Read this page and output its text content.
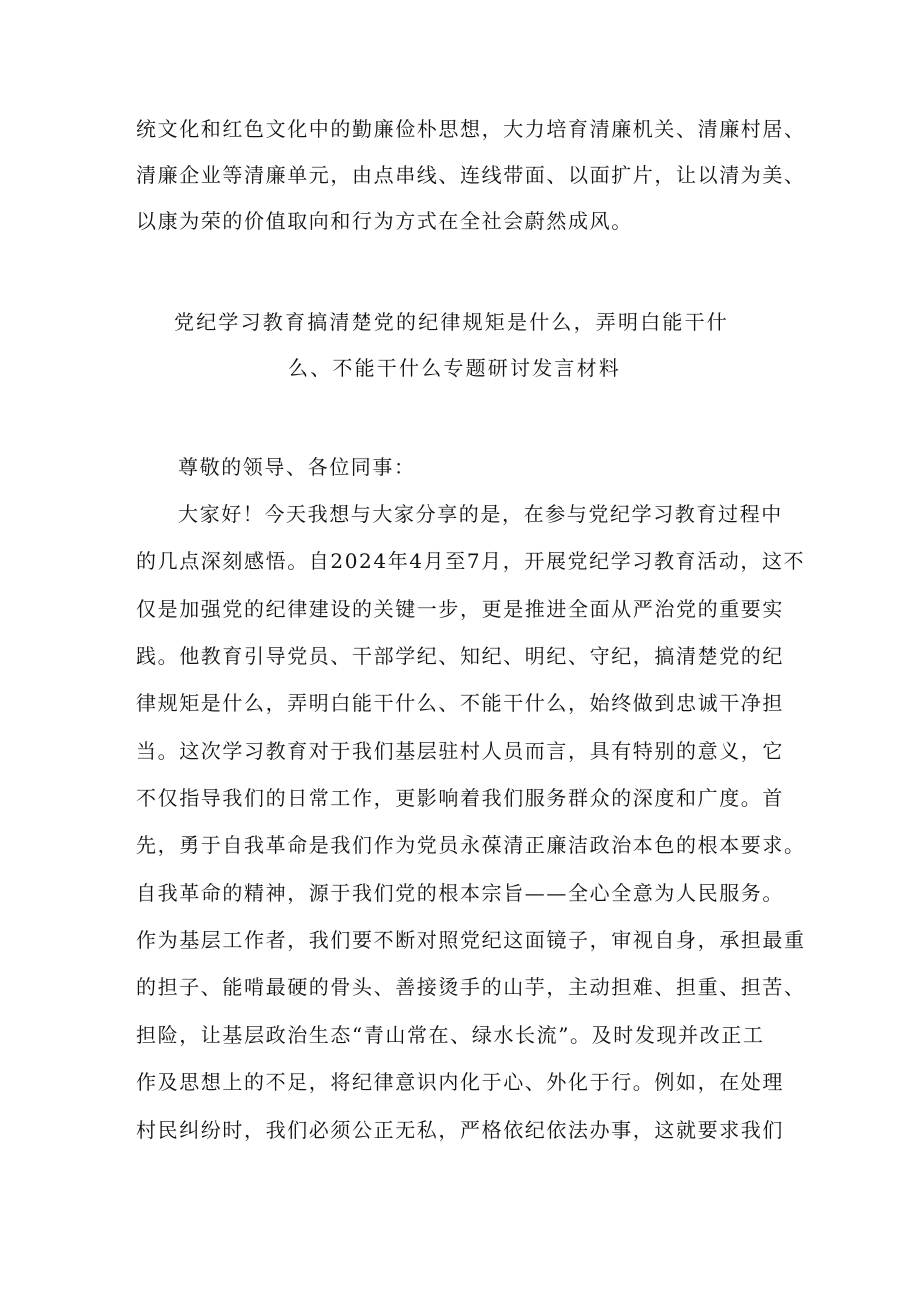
统文化和红色文化中的勤廉俭朴思想，大力培育清廉机关、清廉村居、
清廉企业等清廉单元，由点串线、连线带面、以面扩片，让以清为美、
以康为荣的价值取向和行为方式在全社会蔚然成风。
党纪学习教育搞清楚党的纪律规矩是什么，弄明白能干什
么、不能干什么专题研讨发言材料
尊敬的领导、各位同事：
大家好！今天我想与大家分享的是，在参与党纪学习教育过程中
的几点深刻感悟。自2024年4月至7月，开展党纪学习教育活动，这不
仅是加强党的纪律建设的关键一步，更是推进全面从严治党的重要实
践。他教育引导党员、干部学纪、知纪、明纪、守纪，搞清楚党的纪
律规矩是什么，弄明白能干什么、不能干什么，始终做到忠诚干净担
当。这次学习教育对于我们基层驻村人员而言，具有特别的意义，它
不仅指导我们的日常工作，更影响着我们服务群众的深度和广度。首
先，勇于自我革命是我们作为党员永葆清正廉洁政治本色的根本要求。
自我革命的精神，源于我们党的根本宗旨——全心全意为人民服务。
作为基层工作者，我们要不断对照党纪这面镜子，审视自身，承担最重
的担子、能啃最硬的骨头、善接烫手的山芋，主动担难、担重、担苦、
担险，让基层政治生态“青山常在、绿水长流”。及时发现并改正工
作及思想上的不足，将纪律意识内化于心、外化于行。例如，在处理
村民纠纷时，我们必须公正无私，严格依纪依法办事，这就要求我们
